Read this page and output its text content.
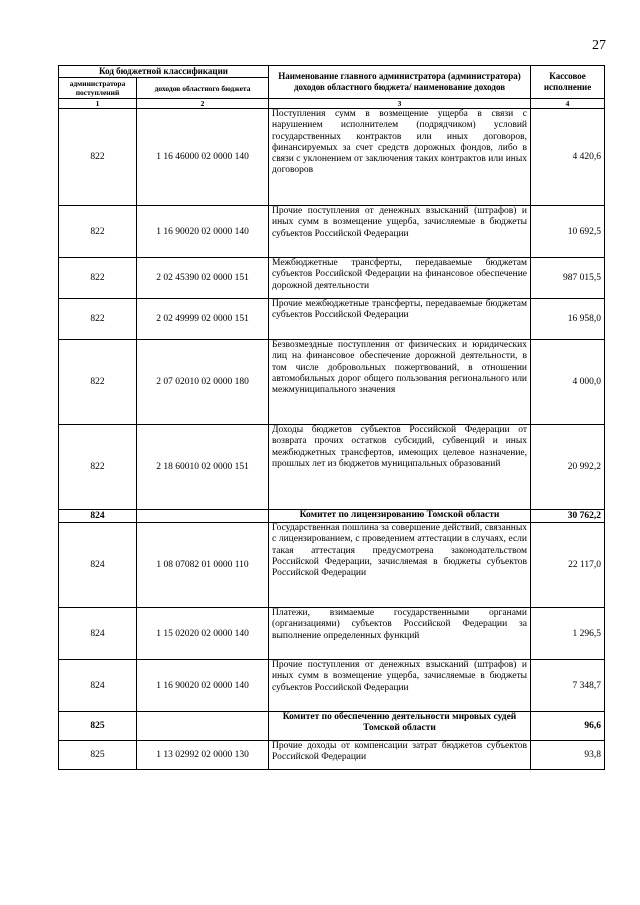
27
Код бюджетной классификации		Наименование главного администратора (администратора) доходов областного бюджета/ наименование доходов	Кассовое исполнение
администратора поступлений	доходов областного бюджета		
1	2	3	4
822	1 16 46000 02 0000 140	Поступления сумм в возмещение ущерба в связи с нарушением исполнителем (подрядчиком) условий государственных контрактов или иных договоров, финансируемых за счет средств дорожных фондов, либо в связи с уклонением от заключения таких контрактов или иных договоров	4 420,6
822	1 16 90020 02 0000 140	Прочие поступления от денежных взысканий (штрафов) и иных сумм в возмещение ущерба, зачисляемые в бюджеты субъектов Российской Федерации	10 692,5
822	2 02 45390 02 0000 151	Межбюджетные трансферты, передаваемые бюджетам субъектов Российской Федерации на финансовое обеспечение дорожной деятельности	987 015,5
822	2 02 49999 02 0000 151	Прочие межбюджетные трансферты, передаваемые бюджетам субъектов Российской Федерации	16 958,0
822	2 07 02010 02 0000 180	Безвозмездные поступления от физических и юридических лиц на финансовое обеспечение дорожной деятельности, в том числе добровольных пожертвований, в отношении автомобильных дорог общего пользования регионального или межмуниципального значения	4 000,0
822	2 18 60010 02 0000 151	Доходы бюджетов субъектов Российской Федерации от возврата прочих остатков субсидий, субвенций и иных межбюджетных трансфертов, имеющих целевое назначение, прошлых лет из бюджетов муниципальных образований	20 992,2
824		Комитет по лицензированию Томской области	30 762,2
824	1 08 07082 01 0000 110	Государственная пошлина за совершение действий, связанных с лицензированием, с проведением аттестации в случаях, если такая аттестация предусмотрена законодательством Российской Федерации, зачисляемая в бюджеты субъектов Российской Федерации	22 117,0
824	1 15 02020 02 0000 140	Платежи, взимаемые государственными органами (организациями) субъектов Российской Федерации за выполнение определенных функций	1 296,5
824	1 16 90020 02 0000 140	Прочие поступления от денежных взысканий (штрафов) и иных сумм в возмещение ущерба, зачисляемые в бюджеты субъектов Российской Федерации	7 348,7
825		Комитет по обеспечению деятельности мировых судей Томской области	96,6
825	1 13 02992 02 0000 130	Прочие доходы от компенсации затрат бюджетов субъектов Российской Федерации	93,8
